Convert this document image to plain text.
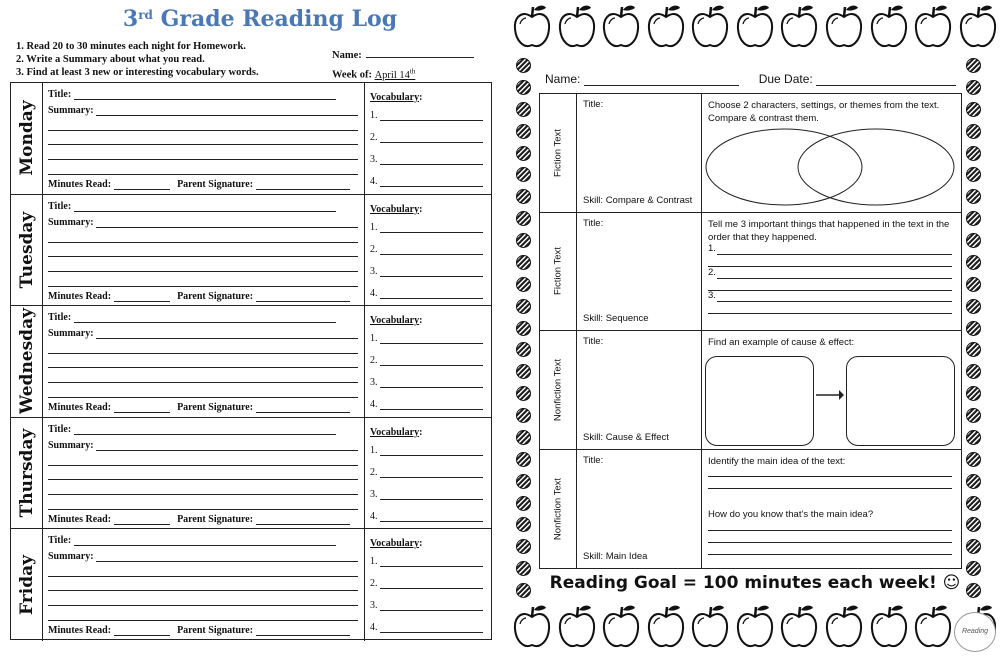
3rd Grade Reading Log
1. Read 20 to 30 minutes each night for Homework.
2. Write a Summary about what you read.
3. Find at least 3 new or interesting vocabulary words.
Name:
Week of: April 14th
Monday
Title:
Summary:
Minutes Read:	Parent Signature:
Vocabulary:
1.
2.
3.
4.
Tuesday
Title:
Summary:
Minutes Read:	Parent Signature:
Vocabulary:
1.
2.
3.
4.
Wednesday Title:
Summary:
Minutes Read:	Parent Signature:
Vocabulary:
1.
2.
3.
4.
Thursday Title:
Summary:
Minutes Read:	Parent Signature:
Vocabulary:
1.
2.
3.
4.
Friday
Title:
Summary:
Minutes Read:	Parent Signature:
Vocabulary:
1.
2.
3.
4.
Name:	Due Date:
Fiction Text
Title:
Skill: Compare & Contrast
Choose 2 characters, settings, or themes from the text. Compare & contrast them.
Fiction Text
Title:
Skill: Sequence
Tell me 3 important things that happened in the text in the order that they happened.
1.
2.
3.
Nonfiction Text
Title:
Skill: Cause & Effect
Find an example of cause & effect:
Nonfiction Text
Title:
Skill: Main Idea
Identify the main idea of the text:
How do you know that’s the main idea?
Reading Goal = 100 minutes each week! ☺
Reading
